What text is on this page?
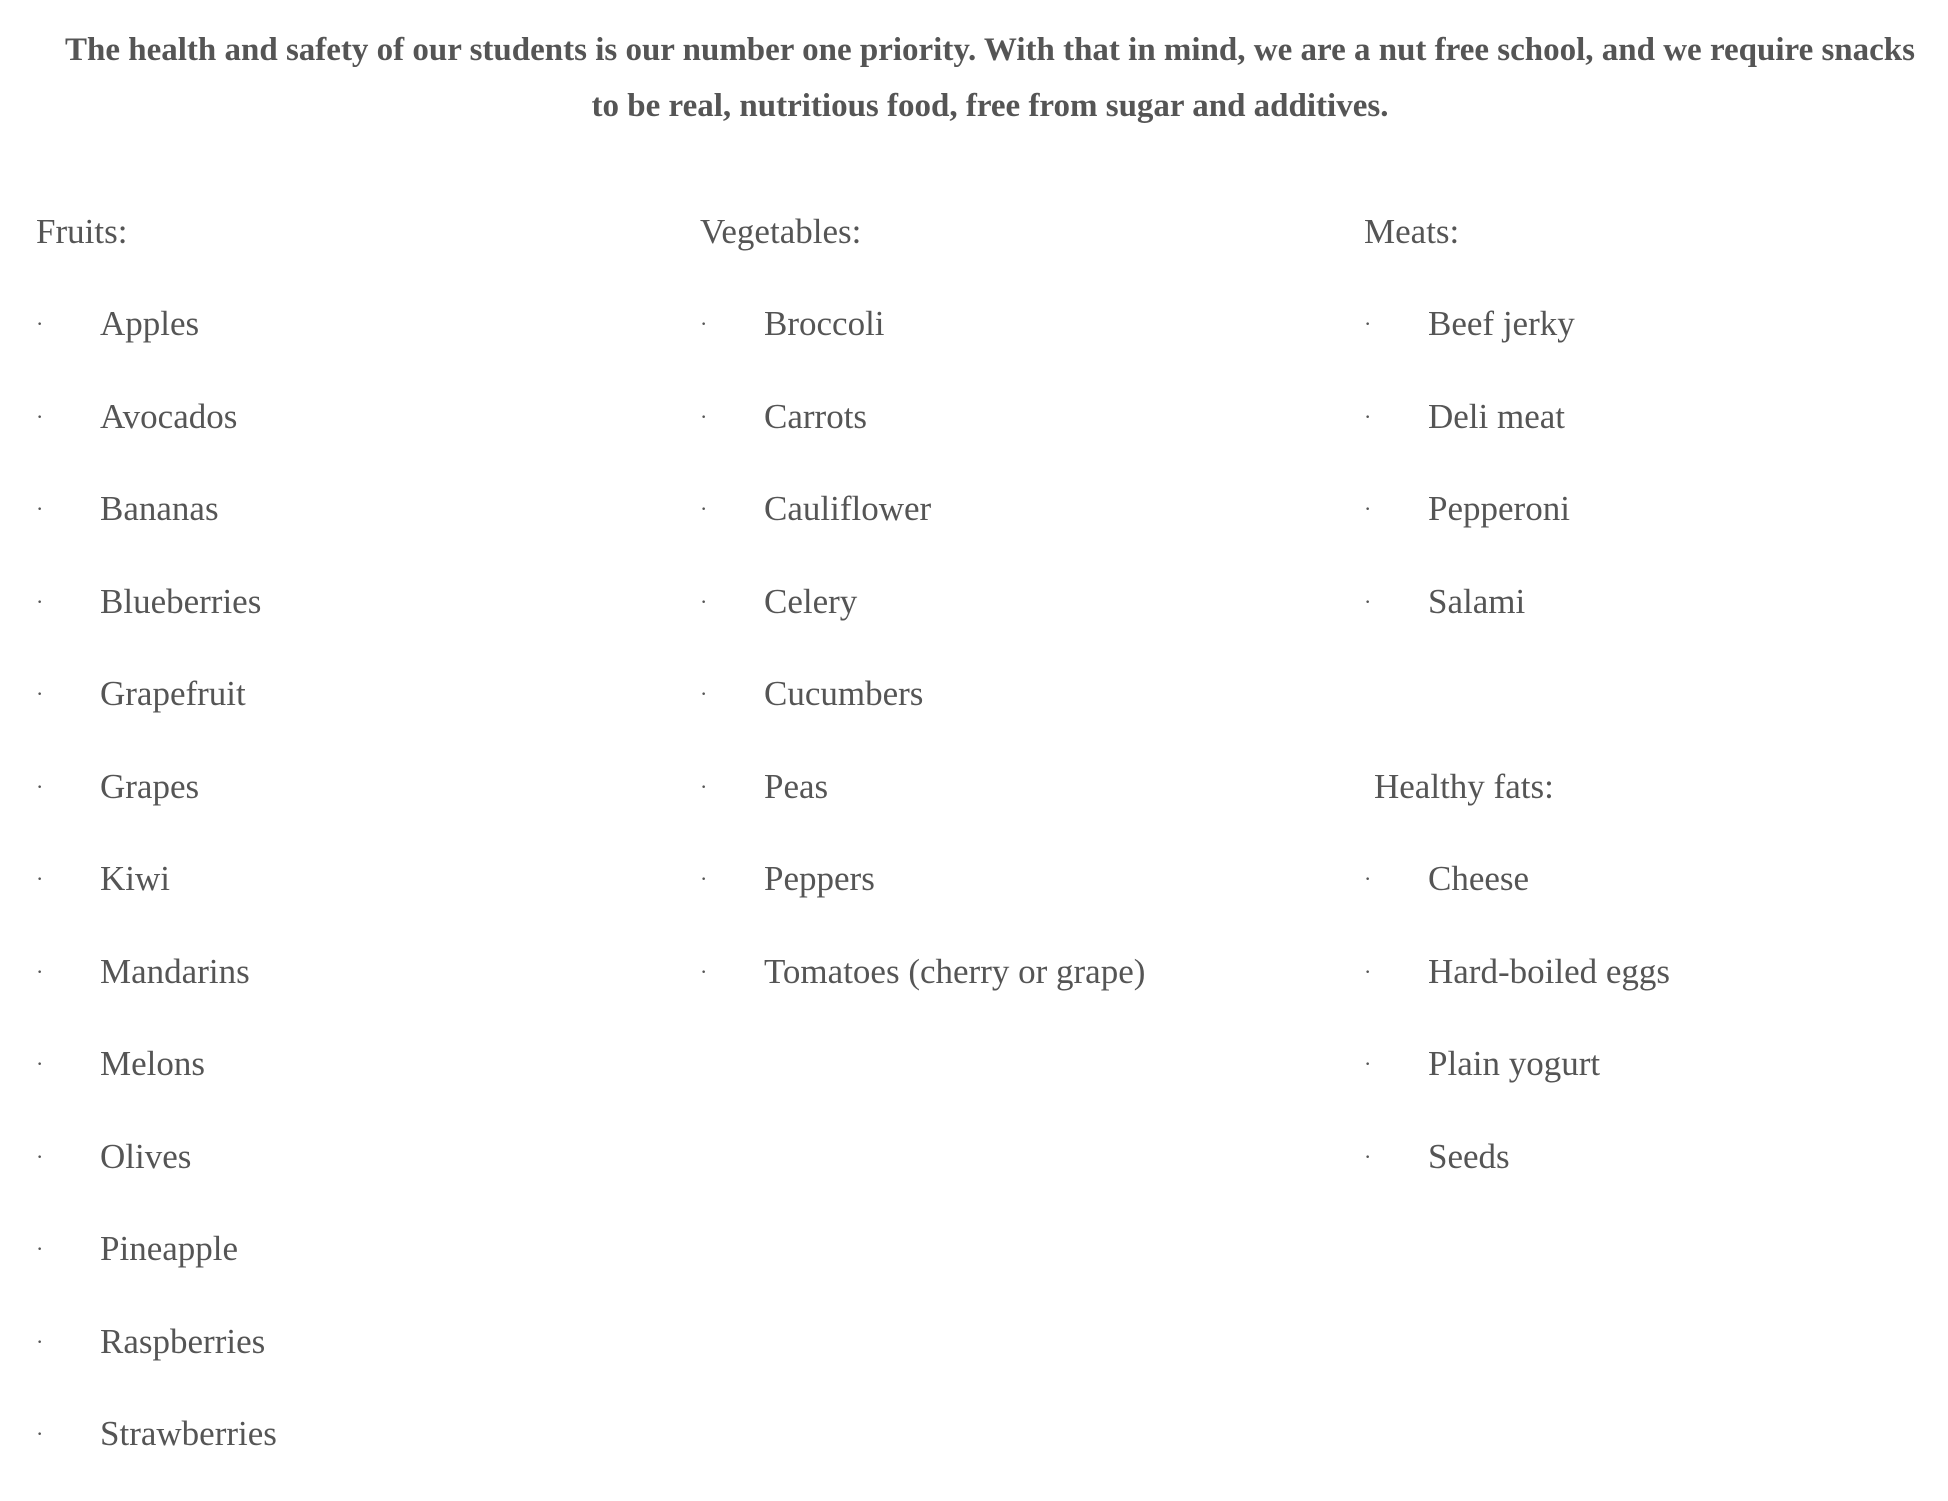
The health and safety of our students is our number one priority. With that in mind, we are a nut free school, and we require snacks to be real, nutritious food, free from sugar and additives.

Fruits:
· Apples
· Avocados
· Bananas
· Blueberries
· Grapefruit
· Grapes
· Kiwi
· Mandarins
· Melons
· Olives
· Pineapple
· Raspberries
· Strawberries
Vegetables:
· Broccoli
· Carrots
· Cauliflower
· Celery
· Cucumbers
· Peas
· Peppers
· Tomatoes (cherry or grape)
Meats:
· Beef jerky
· Deli meat
· Pepperoni
· Salami
Healthy fats:
· Cheese
· Hard-boiled eggs
· Plain yogurt
· Seeds
